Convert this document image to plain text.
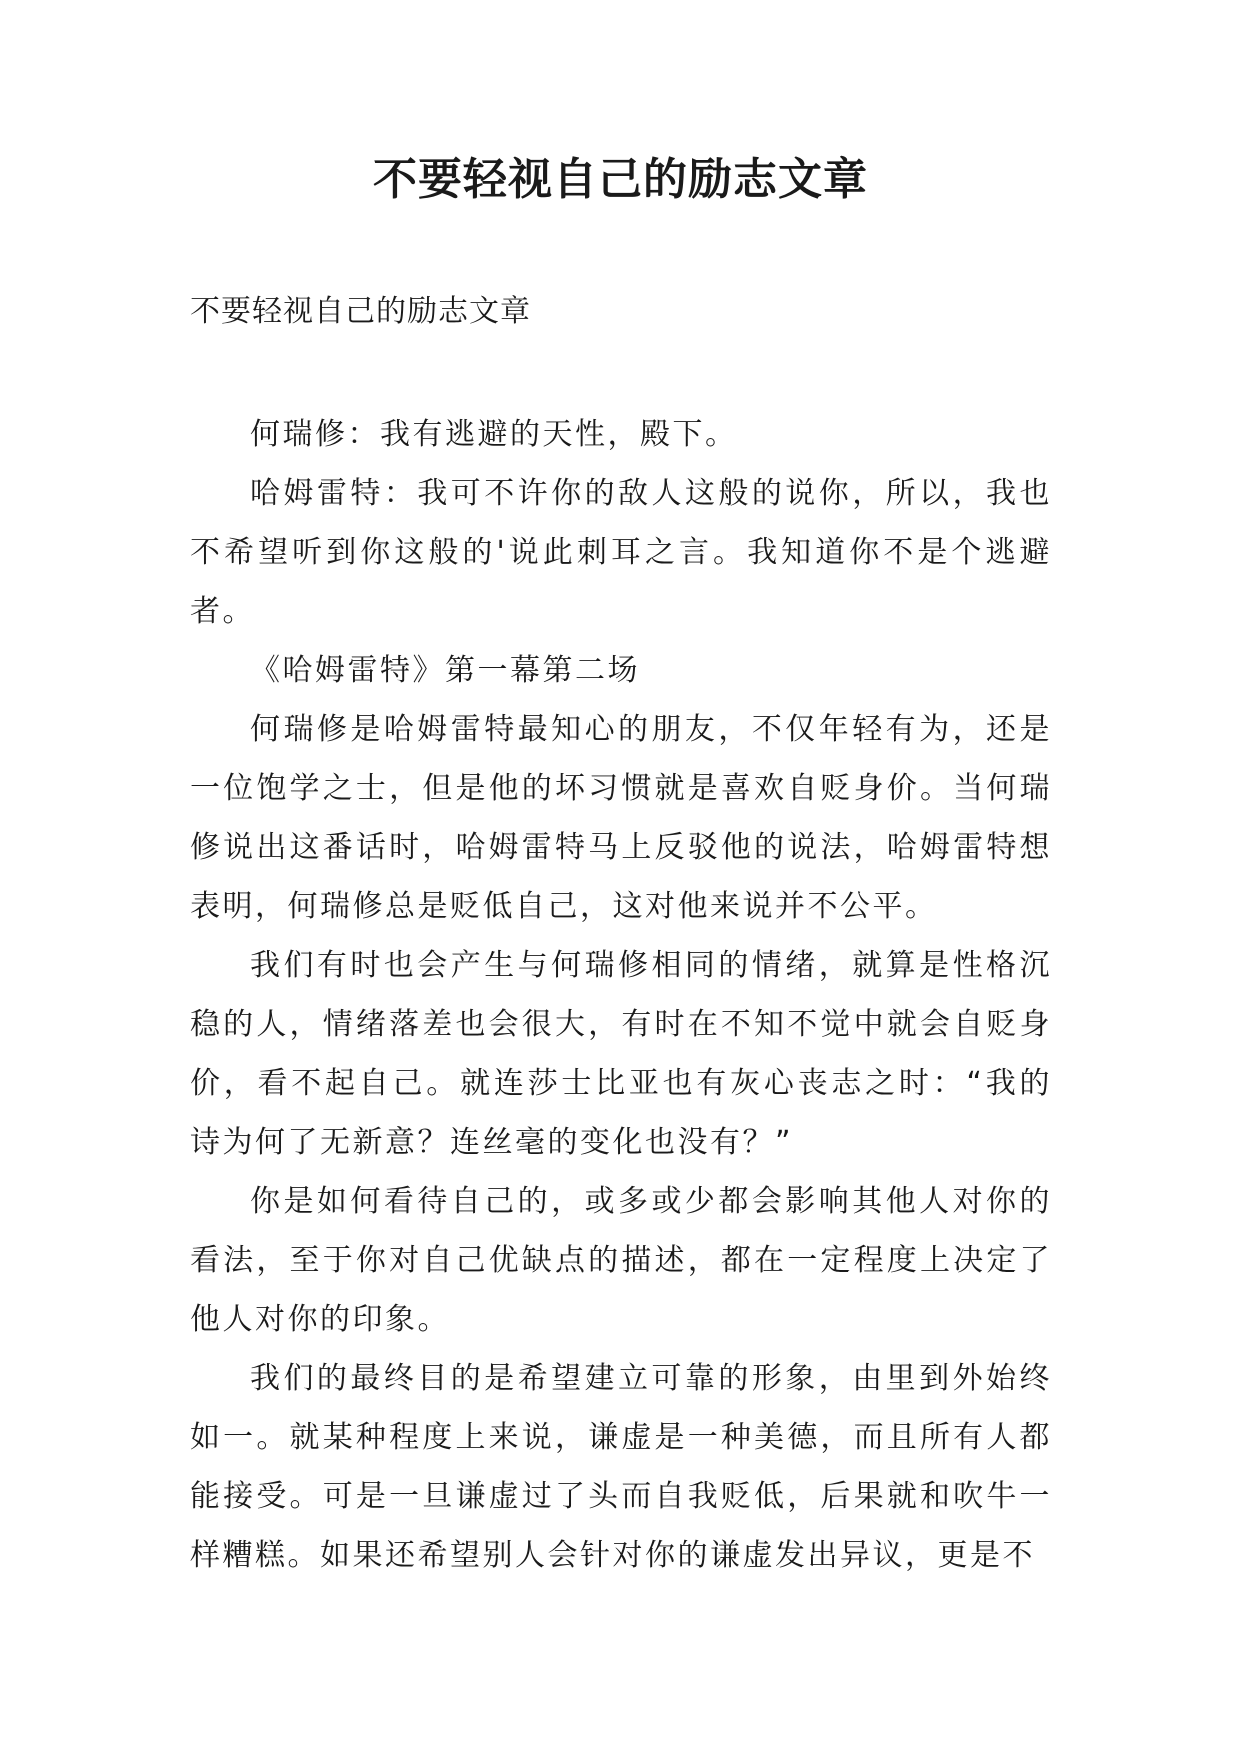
不要轻视自己的励志文章
不要轻视自己的励志文章

何瑞修：我有逃避的天性，殿下。

哈姆雷特：我可不许你的敌人这般的说你，所以，我也不希望听到你这般的'说此刺耳之言。我知道你不是个逃避者。

《哈姆雷特》第一幕第二场

何瑞修是哈姆雷特最知心的朋友，不仅年轻有为，还是一位饱学之士，但是他的坏习惯就是喜欢自贬身价。当何瑞修说出这番话时，哈姆雷特马上反驳他的说法，哈姆雷特想表明，何瑞修总是贬低自己，这对他来说并不公平。

我们有时也会产生与何瑞修相同的情绪，就算是性格沉稳的人，情绪落差也会很大，有时在不知不觉中就会自贬身价，看不起自己。就连莎士比亚也有灰心丧志之时：“我的诗为何了无新意？连丝毫的变化也没有？”

你是如何看待自己的，或多或少都会影响其他人对你的看法，至于你对自己优缺点的描述，都在一定程度上决定了他人对你的印象。

我们的最终目的是希望建立可靠的形象，由里到外始终如一。就某种程度上来说，谦虚是一种美德，而且所有人都能接受。可是一旦谦虚过了头而自我贬低，后果就和吹牛一样糟糕。如果还希望别人会针对你的谦虚发出异议，更是不
